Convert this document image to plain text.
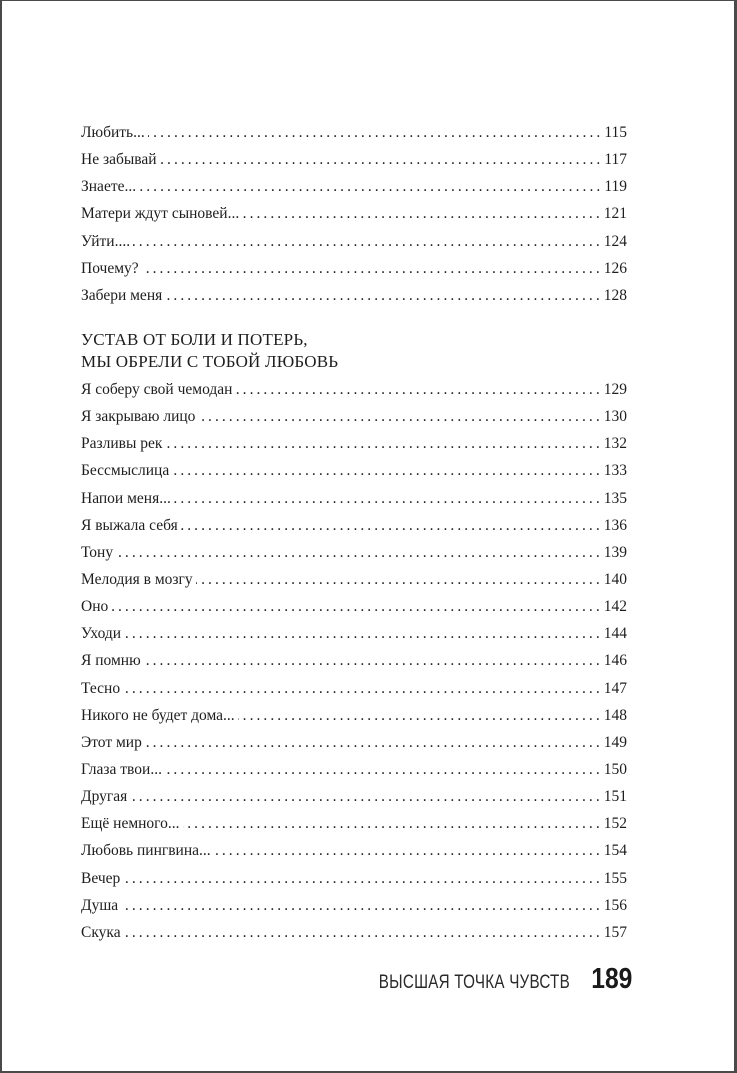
Любить... .....	115
Не забывай .....	117
Знаете... .....	119
Матери ждут сыновей... .....	121
Уйти.... .....	124
Почему? .....	126
Забери меня .....	128
УСТАВ ОТ БОЛИ И ПОТЕРЬ,
МЫ ОБРЕЛИ С ТОБОЙ ЛЮБОВЬ
Я соберу свой чемодан .....	129
Я закрываю лицо .....	130
Разливы рек .....	132
Бессмыслица .....	133
Напои меня... .....	135
Я выжала себя .....	136
Тону .....	139
Мелодия в мозгу .....	140
Оно .....	142
Уходи .....	144
Я помню .....	146
Тесно .....	147
Никого не будет дома... .....	148
Этот мир .....	149
Глаза твои... .....	150
Другая .....	151
Ещё немного... .....	152
Любовь пингвина... .....	154
Вечер .....	155
Душа .....	156
Скука .....	157
ВЫСШАЯ ТОЧКА ЧУВСТВ 189
